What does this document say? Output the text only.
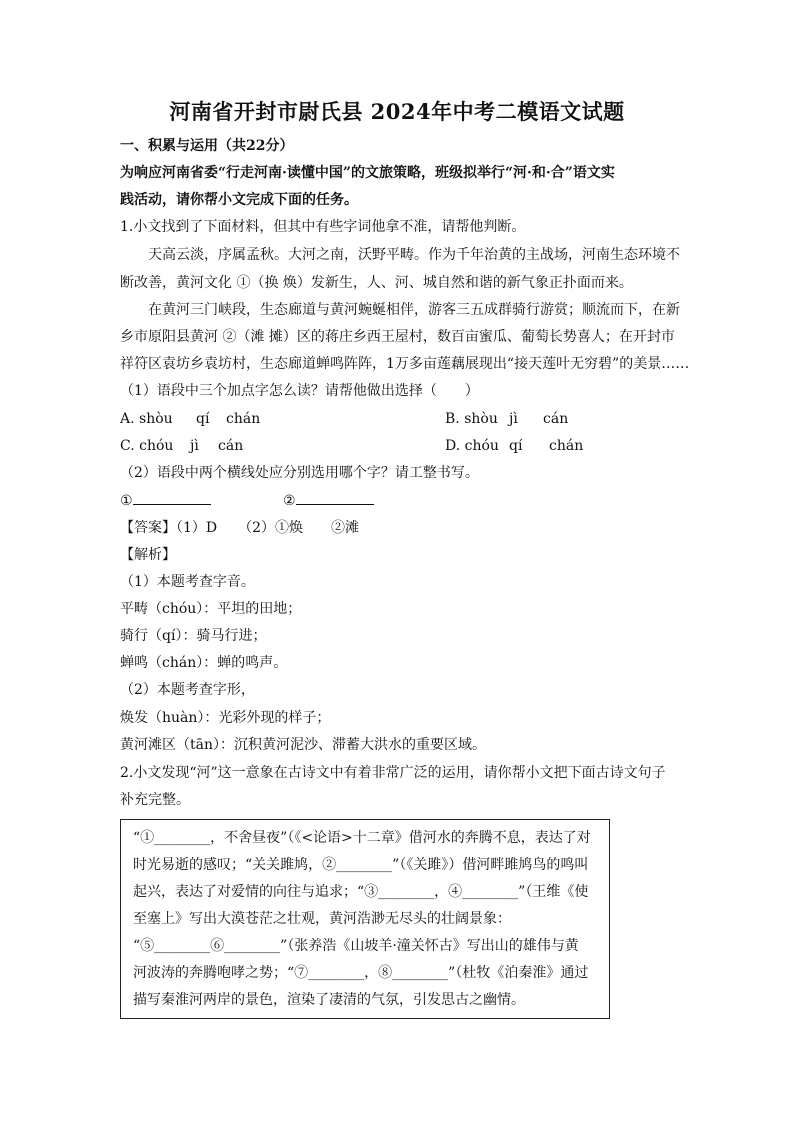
河南省开封市尉氏县 2024年中考二模语文试题
一、积累与运用（共22分）
为响应河南省委“行走河南·读懂中国”的文旅策略，班级拟举行“河·和·合”语文实
践活动，请你帮小文完成下面的任务。
1.小文找到了下面材料，但其中有些字词他拿不准，请帮他判断。
天高云淡，序属孟秋。大河之南，沃野平畴。作为千年治黄的主战场，河南生态环境不
断改善，黄河文化 ①（换 焕）发新生，人、河、城自然和谐的新气象正扑面而来。
在黄河三门峡段，生态廊道与黄河蜿蜒相伴，游客三五成群骑行游赏；顺流而下，在新
乡市原阳县黄河 ②（滩 摊）区的蒋庄乡西王屋村，数百亩蜜瓜、葡萄长势喜人；在开封市
祥符区袁坊乡袁坊村，生态廊道蝉鸣阵阵，1万多亩莲藕展现出“接天莲叶无穷碧”的美景……
（1）语段中三个加点字怎么读？请帮他做出选择（　　）
A. shòu qí chán	B. shòu jì cán
C. chóu jì cán	D. chóu qí chán
（2）语段中两个横线处应分别选用哪个字？请工整书写。
①	②
【答案】（1）D　　（2）①焕　　②滩
【解析】
（1）本题考查字音。
平畴（chóu）：平坦的田地；
骑行（qí）：骑马行进；
蝉鸣（chán）：蝉的鸣声。
（2）本题考查字形，
焕发（huàn）：光彩外现的样子；
黄河滩区（tān）：沉积黄河泥沙、滞蓄大洪水的重要区域。
2.小文发现“河”这一意象在古诗文中有着非常广泛的运用，请你帮小文把下面古诗文句子
补充完整。
“①________，不舍昼夜”（《<论语>十二章》借河水的奔腾不息，表达了对
时光易逝的感叹；“关关雎鸠，②________”（《关雎》）借河畔雎鸠鸟的鸣叫
起兴，表达了对爱情的向往与追求；“③________，④________”（王维《使
至塞上》写出大漠苍茫之壮观，黄河浩渺无尽头的壮阔景象：
“⑤________⑥________”（张养浩《山坡羊·潼关怀古》写出山的雄伟与黄
河波涛的奔腾咆哮之势；“⑦________，⑧________”（杜牧《泊秦淮》通过
描写秦淮河两岸的景色，渲染了凄清的气氛，引发思古之幽情。
